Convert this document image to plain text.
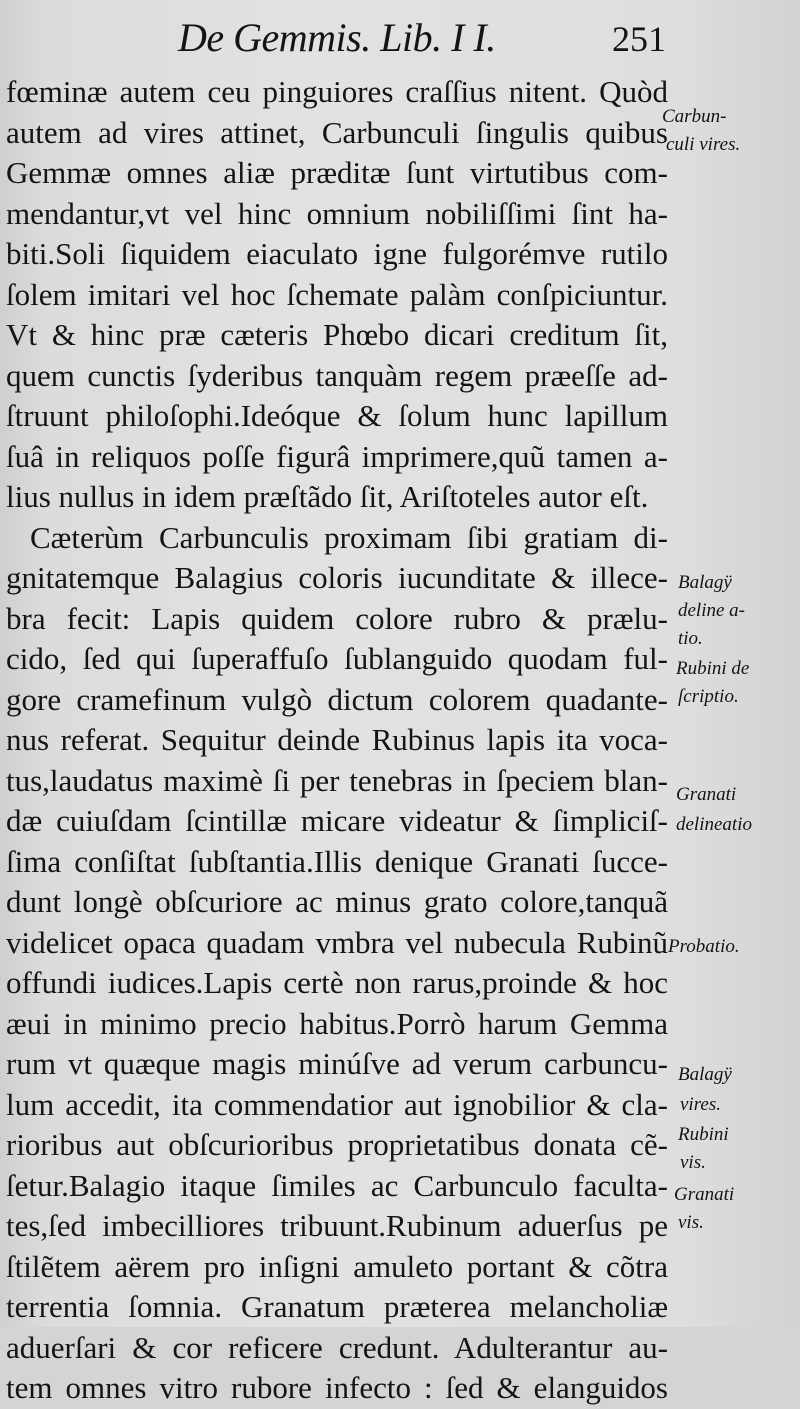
De Gemmis. Lib. I I.	251
fœminæ autem ceu pinguiores craſſius nitent. Quòd
autem ad vires attinet, Carbunculi ſingulis quibus
Gemmæ omnes aliæ præditæ ſunt virtutibus com-
mendantur,vt vel hinc omnium nobiliſſimi ſint ha-
biti.Soli ſiquidem eiaculato igne fulgorémve rutilo
ſolem imitari vel hoc ſchemate palàm conſpiciuntur.
Vt & hinc præ cæteris Phœbo dicari creditum ſit,
quem cunctis ſyderibus tanquàm regem præeſſe ad-
ſtruunt philoſophi.Ideóque & ſolum hunc lapillum
ſuâ in reliquos poſſe figurâ imprimere,quũ tamen a-
lius nullus in idem præſtãdo ſit, Ariſtoteles autor eſt.
Cæterùm Carbunculis proximam ſibi gratiam di-
gnitatemque Balagius coloris iucunditate & illece-
bra fecit: Lapis quidem colore rubro & prælu-
cido, ſed qui ſuperaffuſo ſublanguido quodam ful-
gore cramefinum vulgò dictum colorem quadante-
nus referat. Sequitur deinde Rubinus lapis ita voca-
tus,laudatus maximè ſi per tenebras in ſpeciem blan-
dæ cuiuſdam ſcintillæ micare videatur & ſimpliciſ-
ſima conſiſtat ſubſtantia.Illis denique Granati ſucce-
dunt longè obſcuriore ac minus grato colore,tanquã
videlicet opaca quadam vmbra vel nubecula Rubinũ
offundi iudices.Lapis certè non rarus,proinde & hoc
æui in minimo precio habitus.Porrò harum Gemma
rum vt quæque magis minúſve ad verum carbuncu-
lum accedit, ita commendatior aut ignobilior & cla-
rioribus aut obſcurioribus proprietatibus donata cẽ-
ſetur.Balagio itaque ſimiles ac Carbunculo faculta-
tes,ſed imbecilliores tribuunt.Rubinum aduerſus pe
ſtilẽtem aërem pro inſigni amuleto portant & cõtra
terrentia ſomnia. Granatum præterea melancholiæ
aduerſari & cor reficere credunt. Adulterantur au-
tem omnes vitro rubore infecto : ſed & elanguidos
Carbun-
culi vires.
Balagÿ
deline a-
tio.
Rubini de
ſcriptio.
Granati
delineatio
Probatio.
Balagÿ
vires.
Rubini
vis.
Granati
vis.
